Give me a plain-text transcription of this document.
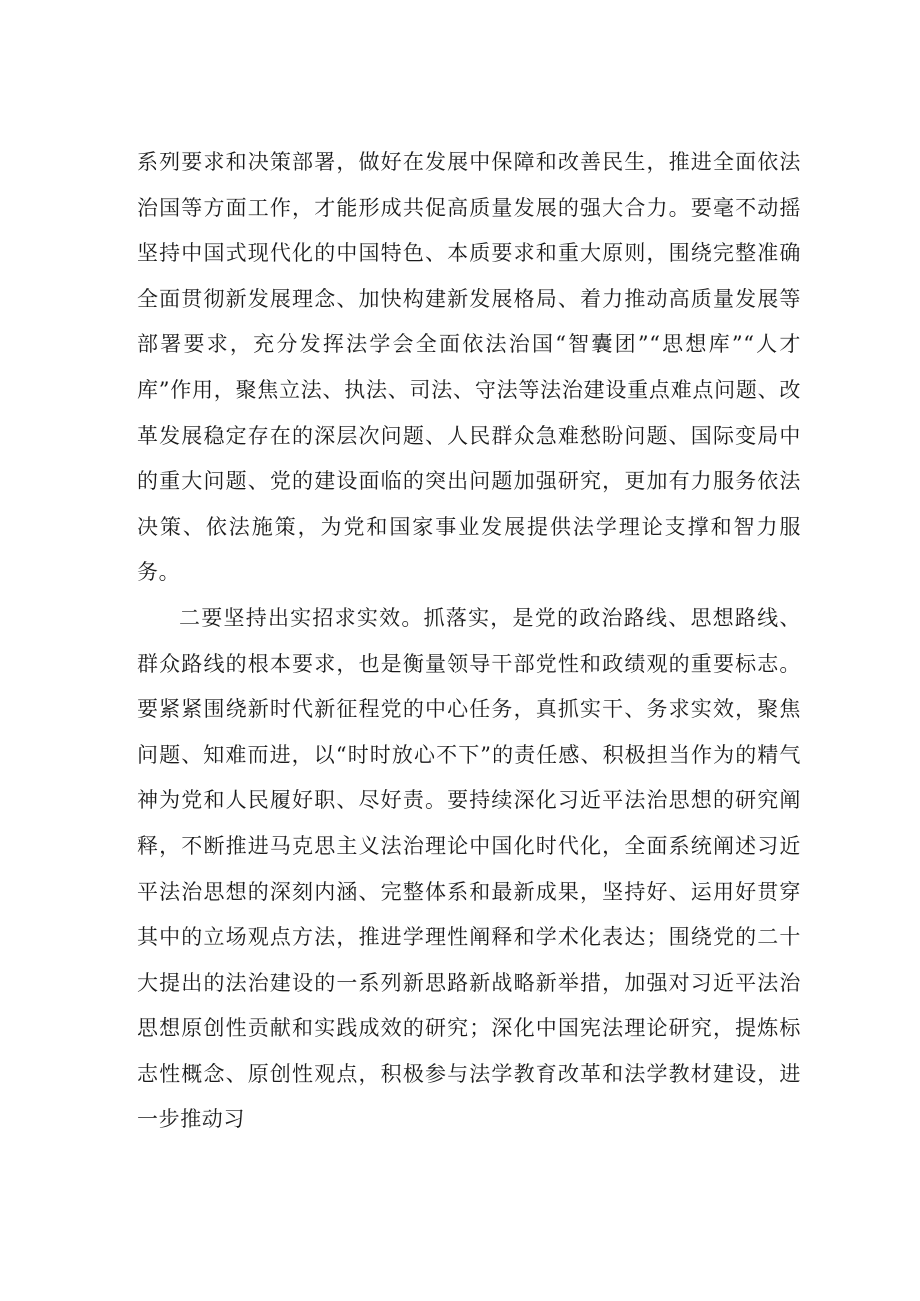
系列要求和决策部署，做好在发展中保障和改善民生，推进全面依法治国等方面工作，才能形成共促高质量发展的强大合力。要毫不动摇坚持中国式现代化的中国特色、本质要求和重大原则，围绕完整准确全面贯彻新发展理念、加快构建新发展格局、着力推动高质量发展等部署要求，充分发挥法学会全面依法治国“智囊团”“思想库”“人才库”作用，聚焦立法、执法、司法、守法等法治建设重点难点问题、改革发展稳定存在的深层次问题、人民群众急难愁盼问题、国际变局中的重大问题、党的建设面临的突出问题加强研究，更加有力服务依法决策、依法施策，为党和国家事业发展提供法学理论支撑和智力服务。

二要坚持出实招求实效。抓落实，是党的政治路线、思想路线、群众路线的根本要求，也是衡量领导干部党性和政绩观的重要标志。要紧紧围绕新时代新征程党的中心任务，真抓实干、务求实效，聚焦问题、知难而进，以“时时放心不下”的责任感、积极担当作为的精气神为党和人民履好职、尽好责。要持续深化习近平法治思想的研究阐释，不断推进马克思主义法治理论中国化时代化，全面系统阐述习近平法治思想的深刻内涵、完整体系和最新成果，坚持好、运用好贯穿其中的立场观点方法，推进学理性阐释和学术化表达；围绕党的二十大提出的法治建设的一系列新思路新战略新举措，加强对习近平法治思想原创性贡献和实践成效的研究；深化中国宪法理论研究，提炼标志性概念、原创性观点，积极参与法学教育改革和法学教材建设，进一步推动习
